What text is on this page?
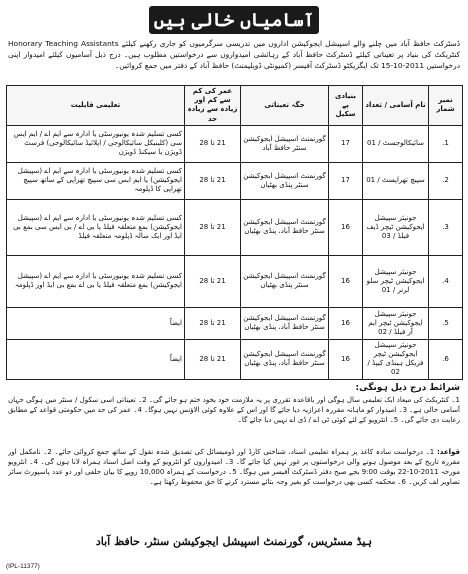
آسامیاں خالی ہیں
ڈسٹرکٹ حافظ آباد میں چلنے والے اسپیشل ایجوکیشن اداروں میں تدریسی سرگرمیوں کو جاری رکھنے کیلئے Honorary Teaching Assistants کنٹریکٹ کی بنیاد پر تعیناتی کیلئے ڈسٹرکٹ حافظ آباد کے رہائشی امیدواروں سے درخواستیں مطلوب ہیں۔ درج ذیل آسامیوں کیلئے امیدوار اپنی درخواستیں 2011-10-15 تک ایگزیکٹو ڈسٹرکٹ آفیسر (کمیونٹی ڈویلپمنٹ) حافظ آباد کے دفتر میں جمع کروائیں۔
نمبر شمار	نام آسامی / تعداد	بنیادی پے سکیل	جگہ تعیناتی	عمر کی کم سے کم اور زیادہ سے زیادہ حد	تعلیمی قابلیت
1.	سائیکالوجسٹ / 01	17	گورنمنٹ اسپیشل ایجوکیشن سنٹر حافظ آباد	21 تا 28	کسی تسلیم شدہ یونیورسٹی یا ادارہ سے ایم اے / ایم ایس سی (کلینیکل سائیکالوجی / اپلائیڈ سائیکالوجی) فرسٹ ڈویژن یا سیکنڈ ڈویژن
2.	سپیچ تھراپسٹ / 01	17	گورنمنٹ اسپیشل ایجوکیشن سنٹر پنڈی بھٹیاں	21 تا 28	کسی تسلیم شدہ یونیورسٹی یا ادارہ سے ایم اے (سپیشل ایجوکیشن) یا ایم ایس سی سپیچ تھراپی کے ساتھ سپیچ تھراپی کا ڈپلومہ
3.	جونیئر سپیشل ایجوکیشن ٹیچر ڈیف فیلڈ / 03	16	گورنمنٹ اسپیشل ایجوکیشن سنٹر حافظ آباد، پنڈی بھٹیاں	21 تا 28	کسی تسلیم شدہ یونیورسٹی یا ادارہ سے ایم اے (سپیشل ایجوکیشن) بمع متعلقہ فیلڈ یا بی اے / بی ایس سی بمع بی ایڈ اور ایک سالہ ڈپلومہ متعلقہ فیلڈ
4.	جونیئر سپیشل ایجوکیشن ٹیچر سلو لرنر / 01	16	گورنمنٹ اسپیشل ایجوکیشن سنٹر پنڈی بھٹیاں	21 تا 28	کسی تسلیم شدہ یونیورسٹی یا ادارہ سے ایم اے (سپیشل ایجوکیشن) بمع متعلقہ فیلڈ یا بی اے بمع بی ایڈ اور ڈپلومہ
5.	جونیئر سپیشل ایجوکیشن ٹیچر ایم آر فیلڈ / 02	16	گورنمنٹ اسپیشل ایجوکیشن سنٹر حافظ آباد، پنڈی بھٹیاں	21 تا 28	ایضاً
6.	جونیئر سپیشل ایجوکیشن ٹیچر فزیکل ہینڈی کیپڈ / 02	16	گورنمنٹ اسپیشل ایجوکیشن سنٹر حافظ آباد، پنڈی بھٹیاں	21 تا 28	ایضاً
شرائط درج ذیل ہونگی:
1۔ کنٹریکٹ کی میعاد ایک تعلیمی سال ہوگی اور باقاعدہ تقرری پر یہ ملازمت خود بخود ختم ہو جائے گی۔ 2۔ تعیناتی اسی سکول / سنٹر میں ہوگی جہاں آسامی خالی ہے۔ 3۔ امیدوار کو ماہانہ مقررہ اعزازیہ دیا جائے گا اور اس کے علاوہ کوئی الاؤنس نہیں ہوگا۔ 4۔ عمر کی حد میں حکومتی قواعد کے مطابق رعایت دی جائے گی۔ 5۔ انٹرویو کے لئے کوئی ٹی اے / ڈی اے نہیں دیا جائے گا۔
قواعد: 1۔ درخواست سادہ کاغذ پر ہمراہ تعلیمی اسناد، شناختی کارڈ اور ڈومیسائل کی تصدیق شدہ نقول کے ساتھ جمع کروائی جائے۔ 2۔ نامکمل اور مقررہ تاریخ کے بعد موصول ہونے والی درخواستوں پر غور نہیں کیا جائے گا۔ 3۔ امیدواروں کو انٹرویو کے وقت اصل اسناد ہمراہ لانا ہوں گی۔ 4۔ انٹرویو مورخہ 2011-10-22 بوقت 9:00 بجے صبح دفتر ڈسٹرکٹ آفیسر میں ہوگا۔ 5۔ درخواست کے ہمراہ 10,000 روپے کا بیان حلفی اور دو عدد پاسپورٹ سائز تصاویر لف کریں۔ 6۔ محکمہ کسی بھی درخواست کو بغیر وجہ بتائے مسترد کرنے کا حق محفوظ رکھتا ہے۔
ہیڈ مسٹریس، گورنمنٹ اسپیشل ایجوکیشن سنٹر، حافظ آباد
(IPL-11377)
